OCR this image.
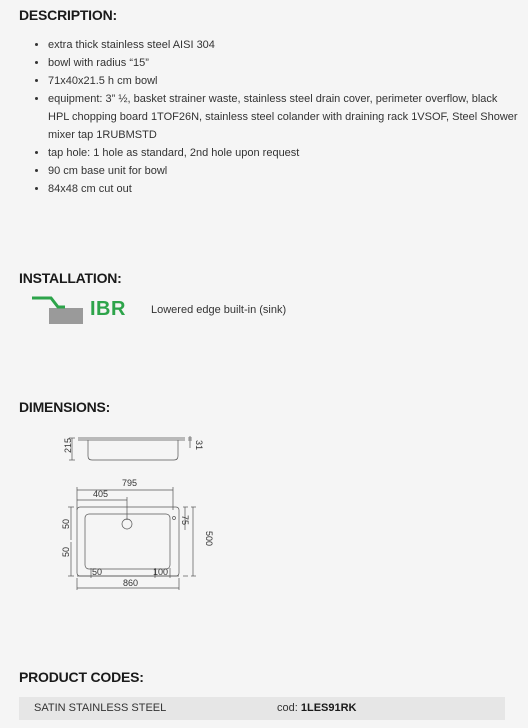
DESCRIPTION:
• extra thick stainless steel AISI 304
• bowl with radius “15”
• 71x40x21.5 h cm bowl
• equipment: 3” ½, basket strainer waste, stainless steel drain cover, perimeter overflow, black HPL chopping board 1TOF26N, stainless steel colander with draining rack 1VSOF, Steel Shower mixer tap 1RUBMSTD
• tap hole: 1 hole as standard, 2nd hole upon request
• 90 cm base unit for bowl
• 84x48 cm cut out
INSTALLATION:
IBR Lowered edge built-in (sink)
DIMENSIONS:
215	31
795
405
50
50
75
500
50	100
860
PRODUCT CODES:
SATIN STAINLESS STEEL	cod: 1LES91RK
